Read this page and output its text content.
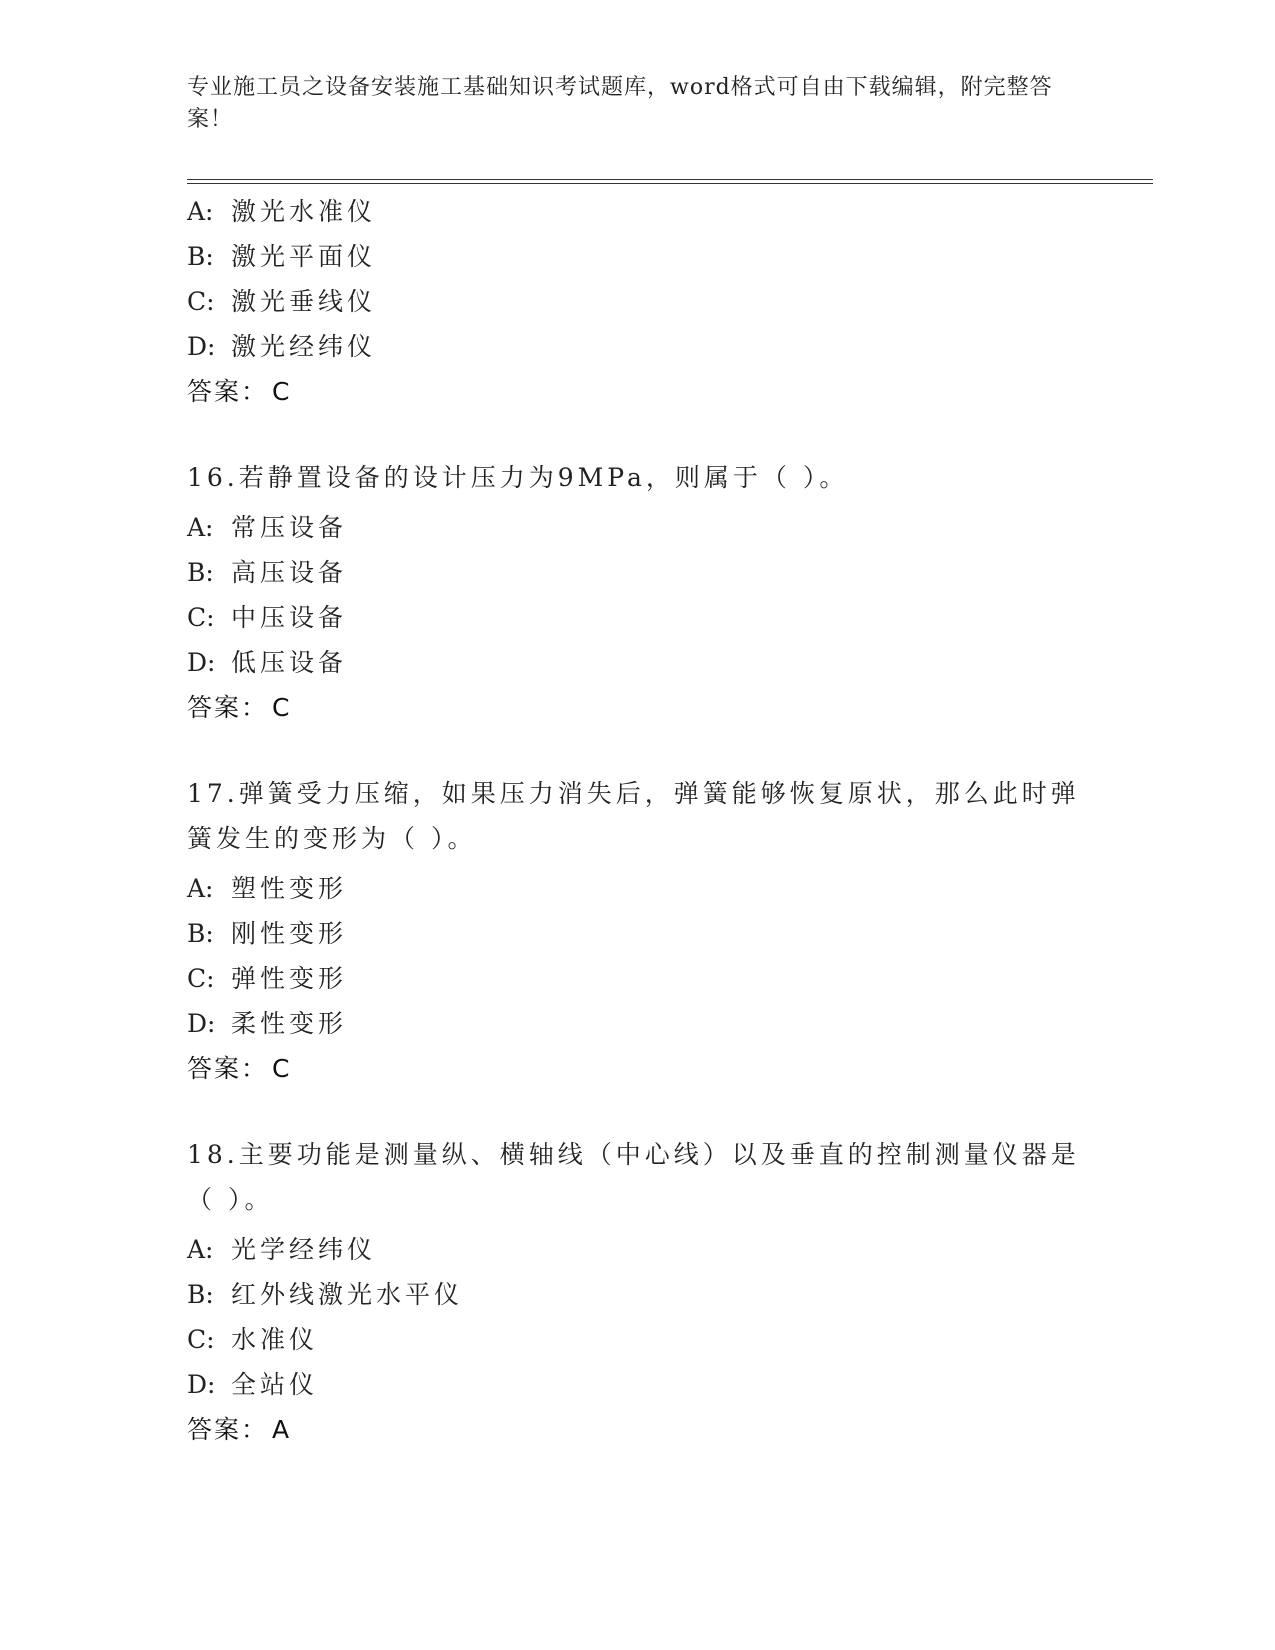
专业施工员之设备安装施工基础知识考试题库，word格式可自由下载编辑，附完整答案！
A: 激光水准仪
B: 激光平面仪
C: 激光垂线仪
D: 激光经纬仪
答案： C
16.若静置设备的设计压力为9MPa，则属于（ ）。
A: 常压设备
B: 高压设备
C: 中压设备
D: 低压设备
答案： C
17.弹簧受力压缩，如果压力消失后，弹簧能够恢复原状，那么此时弹簧发生的变形为（ ）。
A: 塑性变形
B: 刚性变形
C: 弹性变形
D: 柔性变形
答案： C
18.主要功能是测量纵、横轴线（中心线）以及垂直的控制测量仪器是（ ）。
A: 光学经纬仪
B: 红外线激光水平仪
C: 水准仪
D: 全站仪
答案： A
